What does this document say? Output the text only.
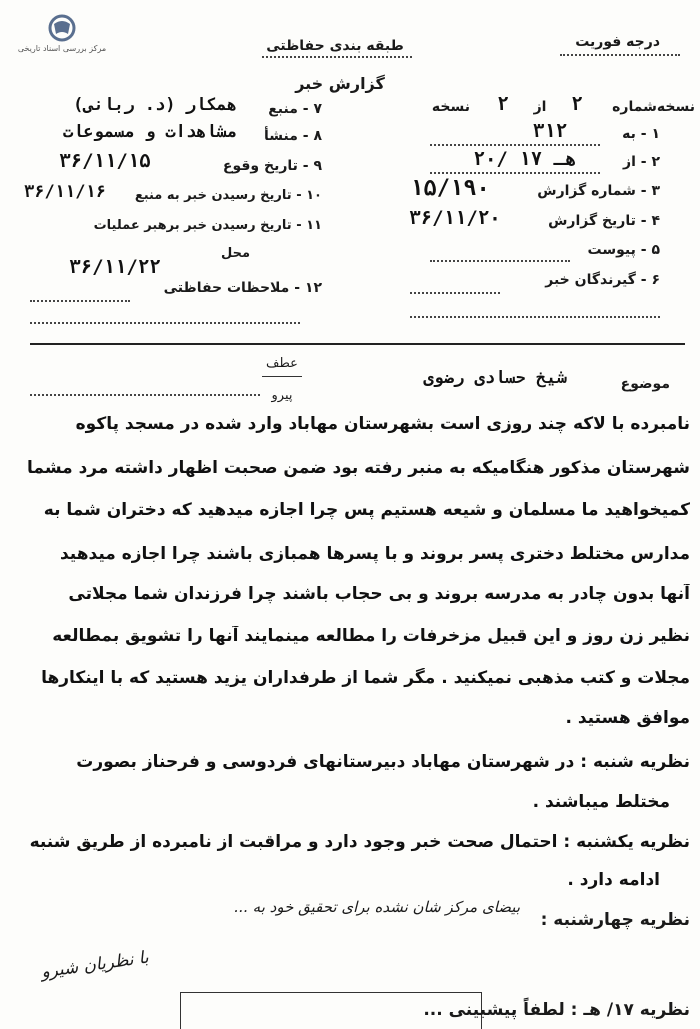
مرکز بررسی اسناد تاریخی	درجه فوریت
طبقه بندی حفاظتی
گزارش خبر
نسخه‌شماره
۲
از
۲
نسخه
۱ - به
۳۱۲
۲ - از
۲۰/ ۱۷ هـ
۳ - شماره گزارش
۱۵/۱۹۰
۴ - تاریخ گزارش
۳۶/۱۱/۲۰
۵ - پیوست
۶ - گیرندگان خبر
۷ - منبع
همکار (د. ربانی)
۸ - منشأ
مشاهدات و مسموعات
۹ - تاریخ وقوع
۳۶/۱۱/۱۵
۱۰ - تاریخ رسیدن خبر به منبع
۳۶/۱۱/۱۶
۱۱ - تاریخ رسیدن خبر برهبر عملیات
محل
۳۶/۱۱/۲۲
۱۲ - ملاحظات حفاظتی
موضوع
شیخ حسادی رضوی
عطف
پیرو
نامبرده با لاکه چند روزی است بشهرستان مهاباد وارد شده در مسجد پاکوه
شهرستان مذکور هنگامیکه به منبر رفته بود ضمن صحبت اظهار داشته مرد مشما
کمیخواهید ما مسلمان و شیعه هستیم پس چرا اجازه میدهید که دختران شما به
مدارس مختلط دختری پسر بروند و با پسرها همبازی باشند چرا اجازه میدهید
آنها بدون چادر به مدرسه بروند و بی حجاب باشند چرا فرزندان شما مجلاتی
نظیر زن روز و این قبیل مزخرفات را مطالعه مینمایند آنها را تشویق بمطالعه
مجلات و کتب مذهبی نمیکنید . مگر شما از طرفداران یزید هستید که با اینکارها
موافق هستید .
نظریه شنبه : در شهرستان مهاباد دبیرستانهای فردوسی و فرحناز بصورت
مختلط میباشند .
نظریه یکشنبه : احتمال صحت خبر وجود دارد و مراقبت از نامبرده از طریق شنبه
ادامه دارد .
نظریه چهارشنبه :
بیضای مرکز شان نشده برای تحقیق خود به ...
با نظریان شیرو
نظریه ۱۷/ هـ : لطفاً پیشبینی ...
